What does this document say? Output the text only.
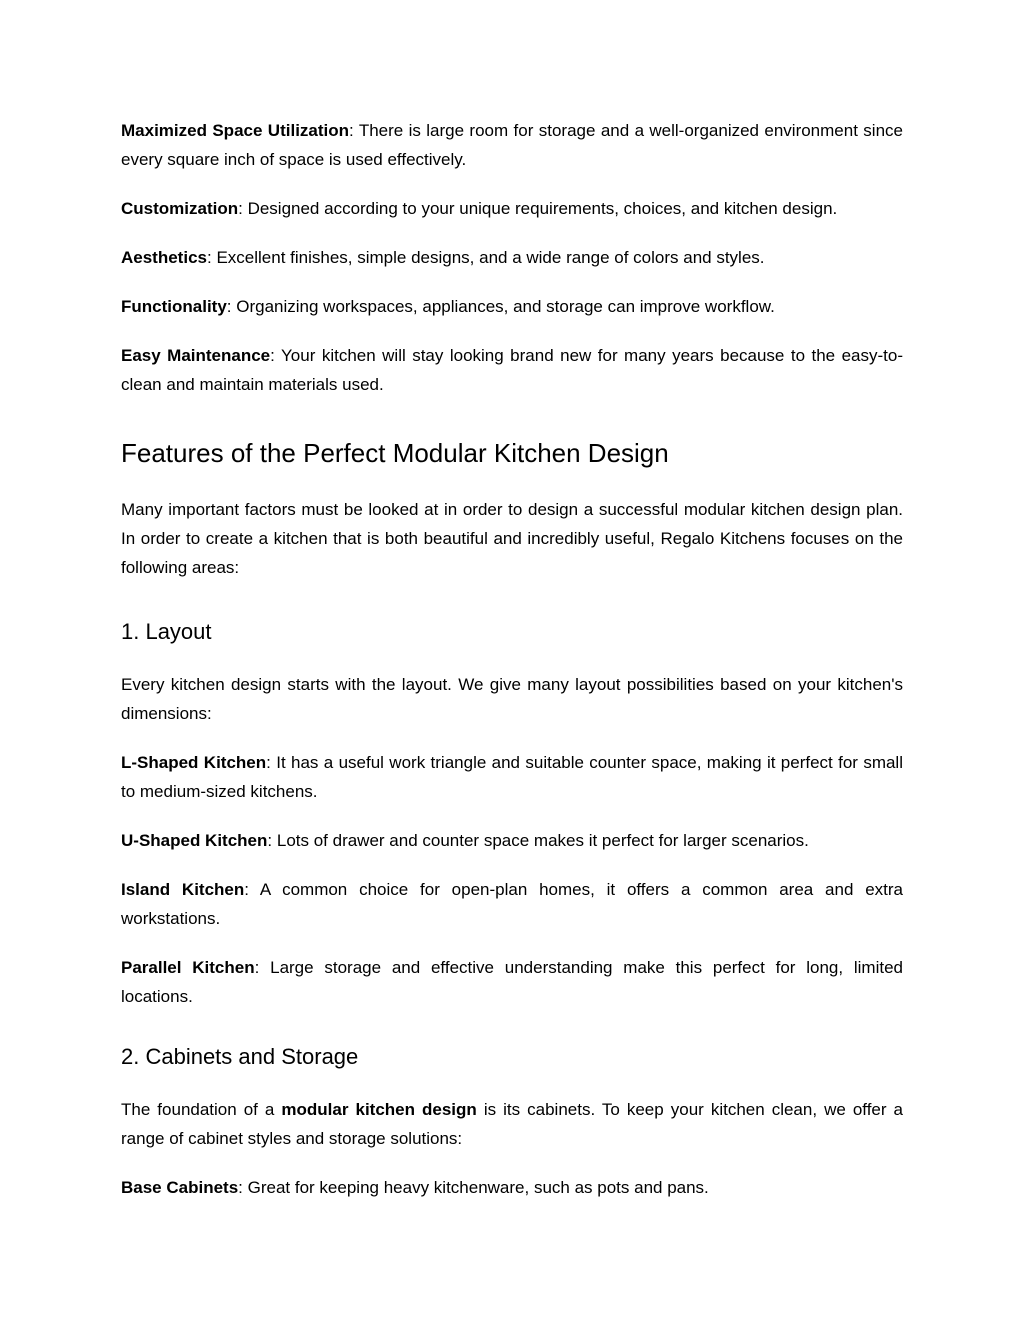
Maximized Space Utilization: There is large room for storage and a well-organized environment since every square inch of space is used effectively.

Customization: Designed according to your unique requirements, choices, and kitchen design.

Aesthetics: Excellent finishes, simple designs, and a wide range of colors and styles.

Functionality: Organizing workspaces, appliances, and storage can improve workflow.

Easy Maintenance: Your kitchen will stay looking brand new for many years because to the easy-to-clean and maintain materials used.

Features of the Perfect Modular Kitchen Design

Many important factors must be looked at in order to design a successful modular kitchen design plan. In order to create a kitchen that is both beautiful and incredibly useful, Regalo Kitchens focuses on the following areas:

1. Layout

Every kitchen design starts with the layout. We give many layout possibilities based on your kitchen's dimensions:

L-Shaped Kitchen: It has a useful work triangle and suitable counter space, making it perfect for small to medium-sized kitchens.

U-Shaped Kitchen: Lots of drawer and counter space makes it perfect for larger scenarios.

Island Kitchen: A common choice for open-plan homes, it offers a common area and extra workstations.

Parallel Kitchen: Large storage and effective understanding make this perfect for long, limited locations.

2. Cabinets and Storage

The foundation of a modular kitchen design is its cabinets. To keep your kitchen clean, we offer a range of cabinet styles and storage solutions:

Base Cabinets: Great for keeping heavy kitchenware, such as pots and pans.
